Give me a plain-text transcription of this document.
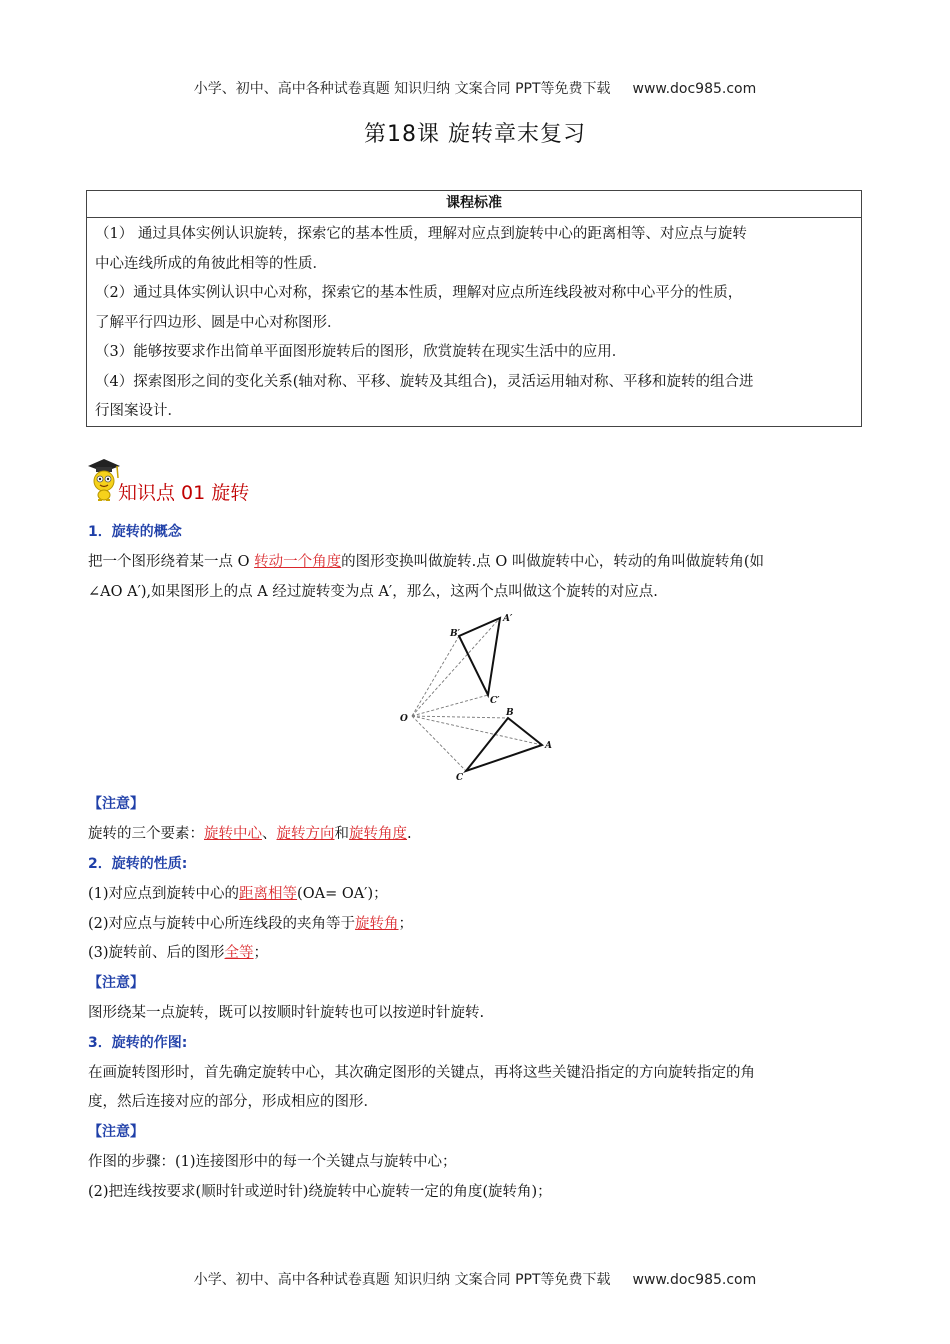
小学、初中、高中各种试卷真题 知识归纳 文案合同 PPT等免费下载 www.doc985.com
第18课 旋转章末复习
课程标准

（1） 通过具体实例认识旋转，探索它的基本性质，理解对应点到旋转中心的距离相等、对应点与旋转

中心连线所成的角彼此相等的性质．

（2）通过具体实例认识中心对称，探索它的基本性质，理解对应点所连线段被对称中心平分的性质，

了解平行四边形、圆是中心对称图形．

（3）能够按要求作出简单平面图形旋转后的图形，欣赏旋转在现实生活中的应用．

（4）探索图形之间的变化关系(轴对称、平移、旋转及其组合)，灵活运用轴对称、平移和旋转的组合进

行图案设计．

知识点 01 旋转
1．旋转的概念
把一个图形绕着某一点 O 转动一个角度的图形变换叫做旋转.点 O 叫做旋转中心，转动的角叫做旋转角(如
∠AO A′),如果图形上的点 A 经过旋转变为点 A′，那么，这两个点叫做这个旋转的对应点.
【注意】
旋转的三个要素：旋转中心、旋转方向和旋转角度.
2．旋转的性质:
(1)对应点到旋转中心的距离相等(OA= OA′)；
(2)对应点与旋转中心所连线段的夹角等于旋转角；
(3)旋转前、后的图形全等；
【注意】
图形绕某一点旋转，既可以按顺时针旋转也可以按逆时针旋转.
3．旋转的作图:
在画旋转图形时，首先确定旋转中心，其次确定图形的关键点，再将这些关键沿指定的方向旋转指定的角
度，然后连接对应的部分，形成相应的图形．
【注意】
作图的步骤：(1)连接图形中的每一个关键点与旋转中心；
(2)把连线按要求(顺时针或逆时针)绕旋转中心旋转一定的角度(旋转角)；
O
A
B
C
A′
B′
C′
小学、初中、高中各种试卷真题 知识归纳 文案合同 PPT等免费下载 www.doc985.com
